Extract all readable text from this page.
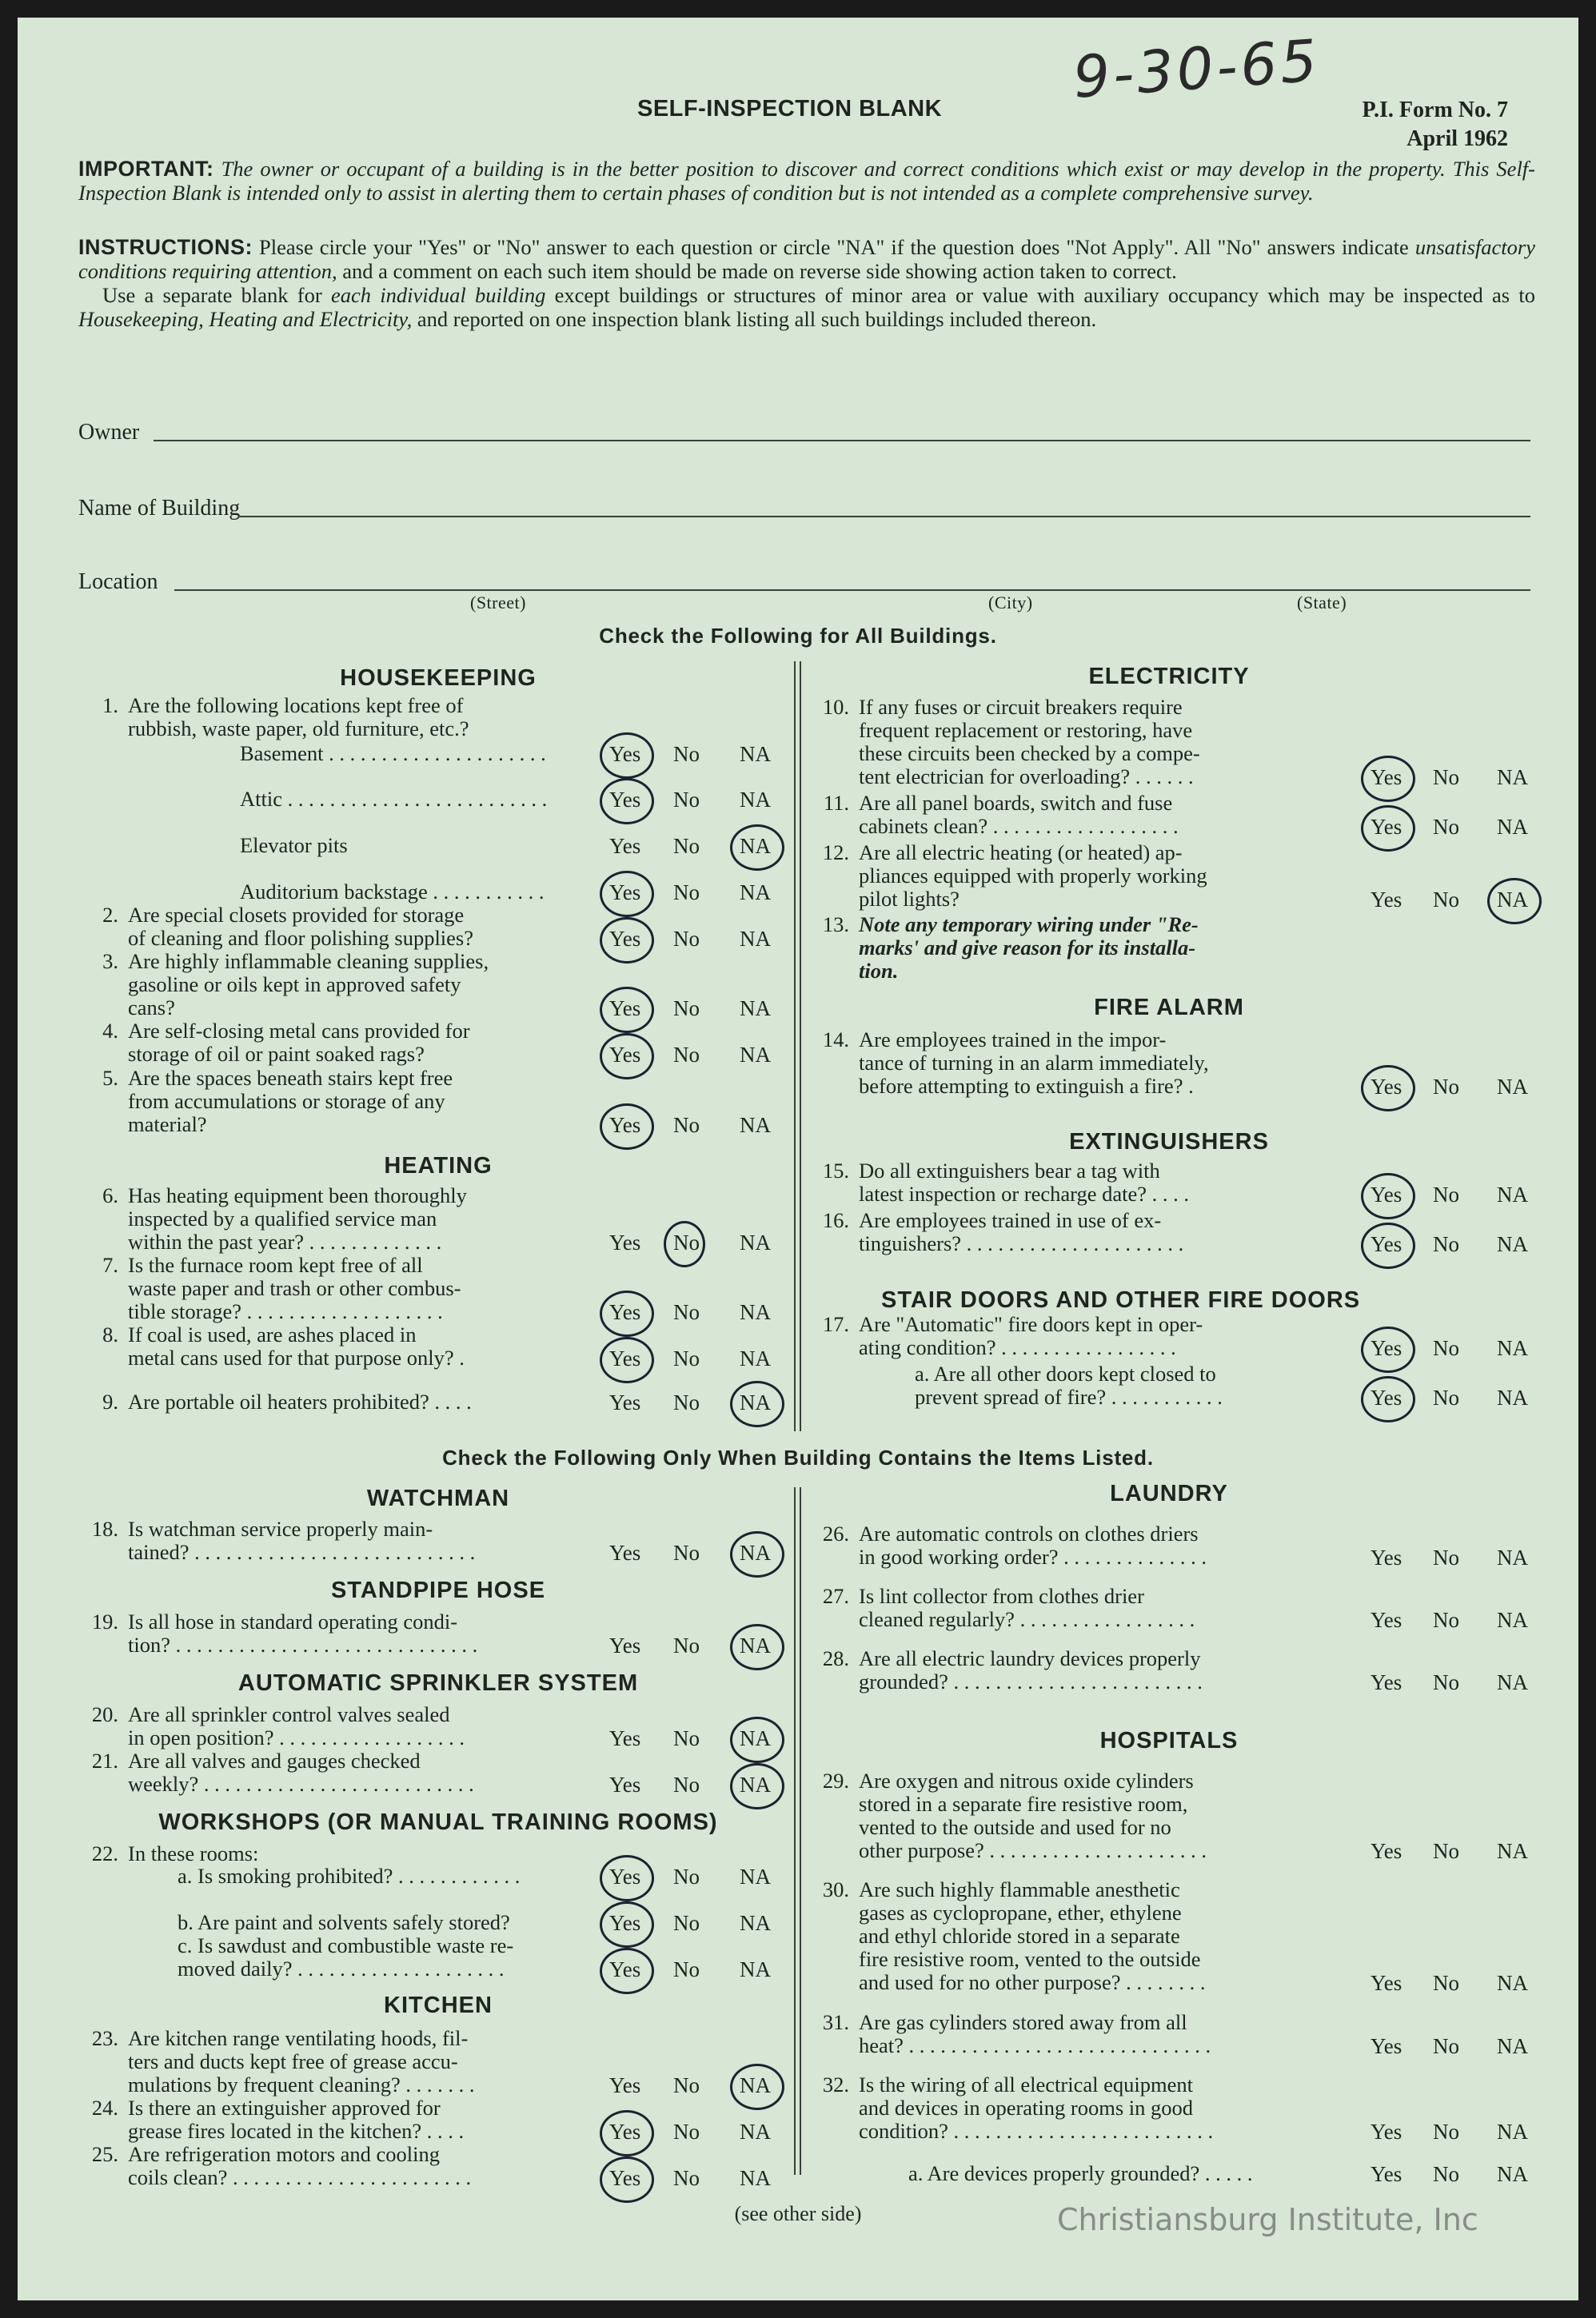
9-30-65
SELF-INSPECTION BLANK	P.I. Form No. 7
April 1962
IMPORTANT: The owner or occupant of a building is in the better position to discover and correct conditions which exist or may develop in the property. This Self-Inspection Blank is intended only to assist in alerting them to certain phases of condition but is not intended as a complete comprehensive survey.
INSTRUCTIONS: Please circle your "Yes" or "No" answer to each question or circle "NA" if the question does "Not Apply". All "No" answers indicate unsatisfactory conditions requiring attention, and a comment on each such item should be made on reverse side showing action taken to correct.
Use a separate blank for each individual building except buildings or structures of minor area or value with auxiliary occupancy which may be inspected as to Housekeeping, Heating and Electricity, and reported on one inspection blank listing all such buildings included thereon.
Owner
Name of Building
Location
(Street)	(City)	(State)
Check the Following for All Buildings.
HOUSEKEEPING	ELECTRICITY
HEATING
FIRE ALARM
EXTINGUISHERS
STAIR DOORS AND OTHER FIRE DOORS
Check the Following Only When Building Contains the Items Listed.
WATCHMAN
STANDPIPE HOSE
AUTOMATIC SPRINKLER SYSTEM
WORKSHOPS (OR MANUAL TRAINING ROOMS)
KITCHEN
LAUNDRY
HOSPITALS
(see other side)	Christiansburg Institute, Inc
1. Are the following locations kept free of
rubbish, waste paper, old furniture, etc.?
Basement . . . . . . . . . . . . . . . . . . . . .	Yes No NA
Attic . . . . . . . . . . . . . . . . . . . . . . . . .	Yes No NA
Elevator pits	Yes No NA
Auditorium backstage . . . . . . . . . . .	Yes No NA
2. Are special closets provided for storage
of cleaning and floor polishing supplies?	Yes No NA
3. Are highly inflammable cleaning supplies,
gasoline or oils kept in approved safety
cans?	Yes No NA
4. Are self-closing metal cans provided for
storage of oil or paint soaked rags?	Yes No NA
5. Are the spaces beneath stairs kept free
from accumulations or storage of any
material?	Yes No NA
6. Has heating equipment been thoroughly
inspected by a qualified service man
within the past year? . . . . . . . . . . . . .	Yes No NA
7. Is the furnace room kept free of all
waste paper and trash or other combus-
tible storage? . . . . . . . . . . . . . . . . . . .	Yes No NA
8. If coal is used, are ashes placed in
metal cans used for that purpose only? .	Yes No NA
9. Are portable oil heaters prohibited? . . . .	Yes No NA
10. If any fuses or circuit breakers require
frequent replacement or restoring, have
these circuits been checked by a compe-
tent electrician for overloading? . . . . . .	Yes No NA
11. Are all panel boards, switch and fuse
cabinets clean? . . . . . . . . . . . . . . . . . .	Yes No NA
12. Are all electric heating (or heated) ap-
pliances equipped with properly working
pilot lights?	Yes No NA
13. Note any temporary wiring under "Re-
marks' and give reason for its installa-
tion.
14. Are employees trained in the impor-
tance of turning in an alarm immediately,
before attempting to extinguish a fire? .	Yes No NA
15. Do all extinguishers bear a tag with
latest inspection or recharge date? . . . .	Yes No NA
16. Are employees trained in use of ex-
tinguishers? . . . . . . . . . . . . . . . . . . . . .	Yes No NA
17. Are "Automatic" fire doors kept in oper-
ating condition? . . . . . . . . . . . . . . . . .	Yes No NA
a. Are all other doors kept closed to
prevent spread of fire? . . . . . . . . . . .	Yes No NA
18. Is watchman service properly main-
tained? . . . . . . . . . . . . . . . . . . . . . . . . . . .	Yes No NA
19. Is all hose in standard operating condi-
tion? . . . . . . . . . . . . . . . . . . . . . . . . . . . . .	Yes No NA
20. Are all sprinkler control valves sealed
in open position? . . . . . . . . . . . . . . . . . .	Yes No NA
21. Are all valves and gauges checked
weekly? . . . . . . . . . . . . . . . . . . . . . . . . . .	Yes No NA
22. In these rooms:
a. Is smoking prohibited? . . . . . . . . . . . .	Yes No NA
b. Are paint and solvents safely stored?	Yes No NA
c. Is sawdust and combustible waste re-
moved daily? . . . . . . . . . . . . . . . . . . . .	Yes No NA
23. Are kitchen range ventilating hoods, fil-
ters and ducts kept free of grease accu-
mulations by frequent cleaning? . . . . . . .	Yes No NA
24. Is there an extinguisher approved for
grease fires located in the kitchen? . . . .	Yes No NA
25. Are refrigeration motors and cooling
coils clean? . . . . . . . . . . . . . . . . . . . . . . .	Yes No NA
26. Are automatic controls on clothes driers
in good working order? . . . . . . . . . . . . . .	Yes No NA
27. Is lint collector from clothes drier
cleaned regularly? . . . . . . . . . . . . . . . . .	Yes No NA
28. Are all electric laundry devices properly
grounded? . . . . . . . . . . . . . . . . . . . . . . . .	Yes No NA
29. Are oxygen and nitrous oxide cylinders
stored in a separate fire resistive room,
vented to the outside and used for no
other purpose? . . . . . . . . . . . . . . . . . . . . .	Yes No NA
30. Are such highly flammable anesthetic
gases as cyclopropane, ether, ethylene
and ethyl chloride stored in a separate
fire resistive room, vented to the outside
and used for no other purpose? . . . . . . . .	Yes No NA
31. Are gas cylinders stored away from all
heat? . . . . . . . . . . . . . . . . . . . . . . . . . . . . .	Yes No NA
32. Is the wiring of all electrical equipment
and devices in operating rooms in good
condition? . . . . . . . . . . . . . . . . . . . . . . . . .	Yes No NA
a. Are devices properly grounded? . . . . .	Yes No NA
